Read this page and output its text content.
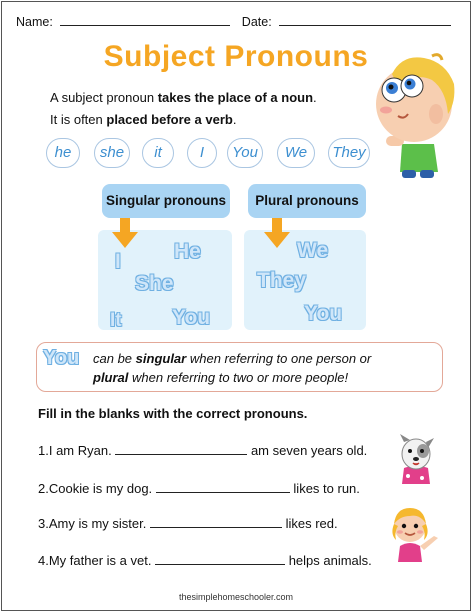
Name:	Date:
Subject Pronouns
A subject pronoun takes the place of a noun.
It is often placed before a verb.
he	she	it	I	You	We	They
Singular pronouns
I	He
She
It You
Plural pronouns
We
They
You
You can be singular when referring to one person or
plural when referring to two or more people!
Fill in the blanks with the correct pronouns.
1.I am Ryan.	am seven years old.
2.Cookie is my dog.	likes to run.
3.Amy is my sister.	likes red.
4.My father is a vet.	helps animals.
thesimplehomeschooler.com
